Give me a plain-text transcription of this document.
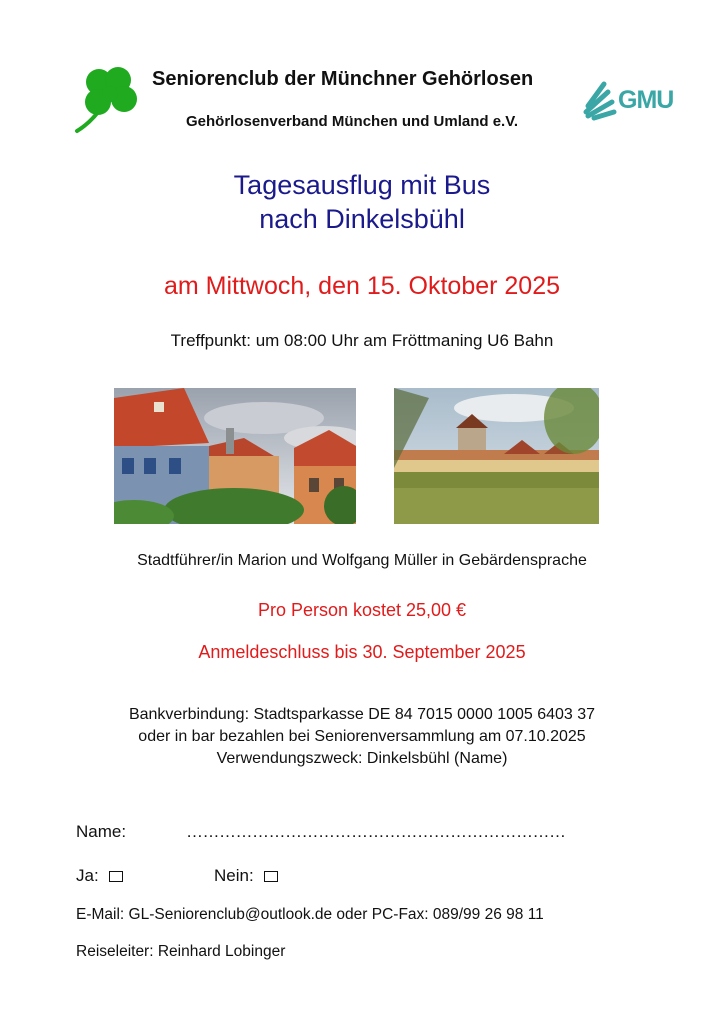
Seniorenclub der Münchner Gehörlosen
Gehörlosenverband München und Umland e.V.
GMU
Tagesausflug mit Bus
nach Dinkelsbühl
am Mittwoch, den 15. Oktober 2025
Treffpunkt: um 08:00 Uhr am Fröttmaning U6 Bahn
Stadtführer/in Marion und Wolfgang Müller in Gebärdensprache
Pro Person kostet 25,00 €
Anmeldeschluss bis 30. September 2025
Bankverbindung: Stadtsparkasse DE 84 7015 0000 1005 6403 37
oder in bar bezahlen bei Seniorenversammlung am 07.10.2025
Verwendungszweck: Dinkelsbühl (Name)
Name:	……………………………………………………………
Ja:	Nein:
E-Mail: GL-Seniorenclub@outlook.de oder PC-Fax: 089/99 26 98 11
Reiseleiter: Reinhard Lobinger
